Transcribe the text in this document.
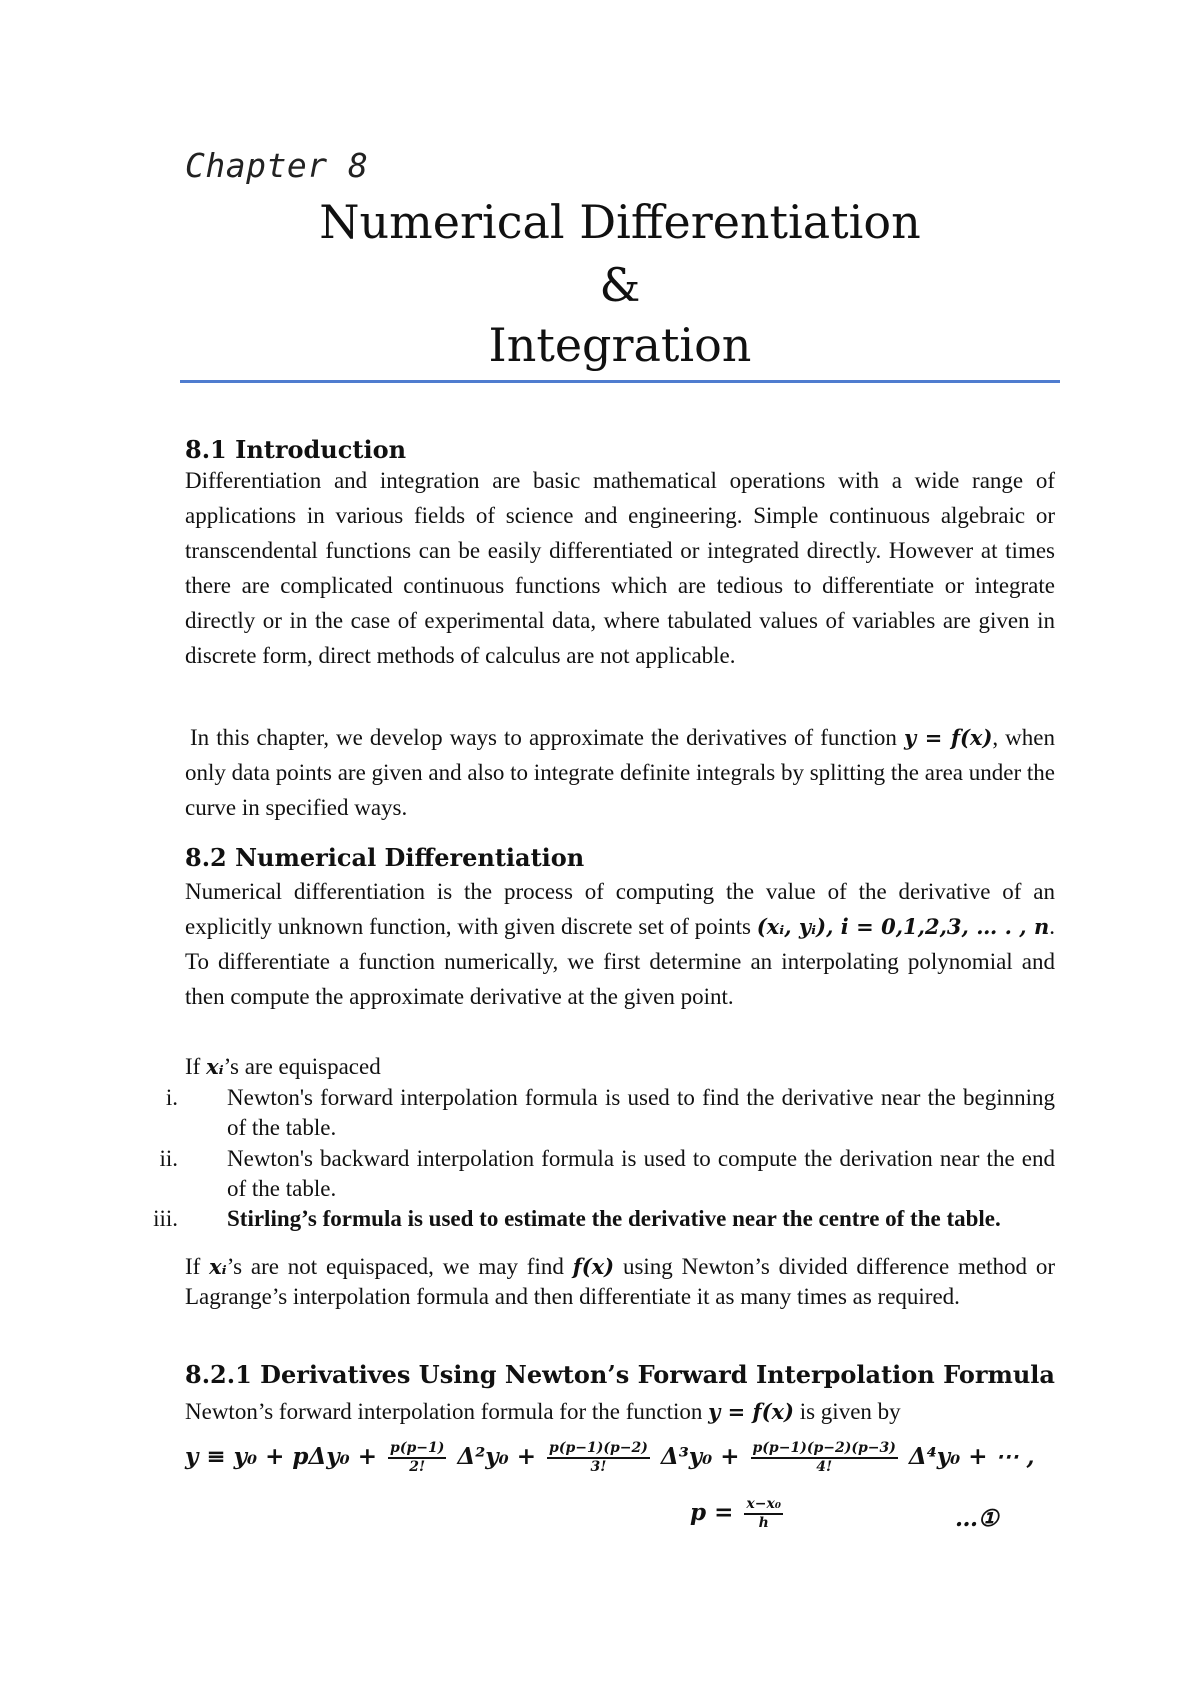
Chapter 8
Numerical Differentiation
&
Integration
8.1 Introduction
Differentiation and integration are basic mathematical operations with a wide range of applications in various fields of science and engineering. Simple continuous algebraic or transcendental functions can be easily differentiated or integrated directly. However at times there are complicated continuous functions which are tedious to differentiate or integrate directly or in the case of experimental data, where tabulated values of variables are given in discrete form, direct methods of calculus are not applicable.
In this chapter, we develop ways to approximate the derivatives of function y = f(x), when only data points are given and also to integrate definite integrals by splitting the area under the curve in specified ways.
8.2 Numerical Differentiation
Numerical differentiation is the process of computing the value of the derivative of an explicitly unknown function, with given discrete set of points (xᵢ, yᵢ), i = 0,1,2,3, … . , n. To differentiate a function numerically, we first determine an interpolating polynomial and then compute the approximate derivative at the given point.
If xᵢ’s are equispaced
i. Newton's forward interpolation formula is used to find the derivative near the beginning of the table.
ii. Newton's backward interpolation formula is used to compute the derivation near the end of the table.
iii. Stirling’s formula is used to estimate the derivative near the centre of the table.
If xᵢ’s are not equispaced, we may find f(x) using Newton’s divided difference method or Lagrange’s interpolation formula and then differentiate it as many times as required.
8.2.1 Derivatives Using Newton’s Forward Interpolation Formula
Newton’s forward interpolation formula for the function y = f(x) is given by
$y \equiv y_0 + p\Delta y_0 + \frac{p(p-1)}{2!} \Delta^2y_0 + \frac{p(p-1)(p-2)}{3!} \Delta^3y_0 + \frac{p(p-1)(p-2)(p-3)}{4!} \Delta^4y_0$ + ⋯ ,
$p = \frac{\text{x−x₀}}{h}$	…①
